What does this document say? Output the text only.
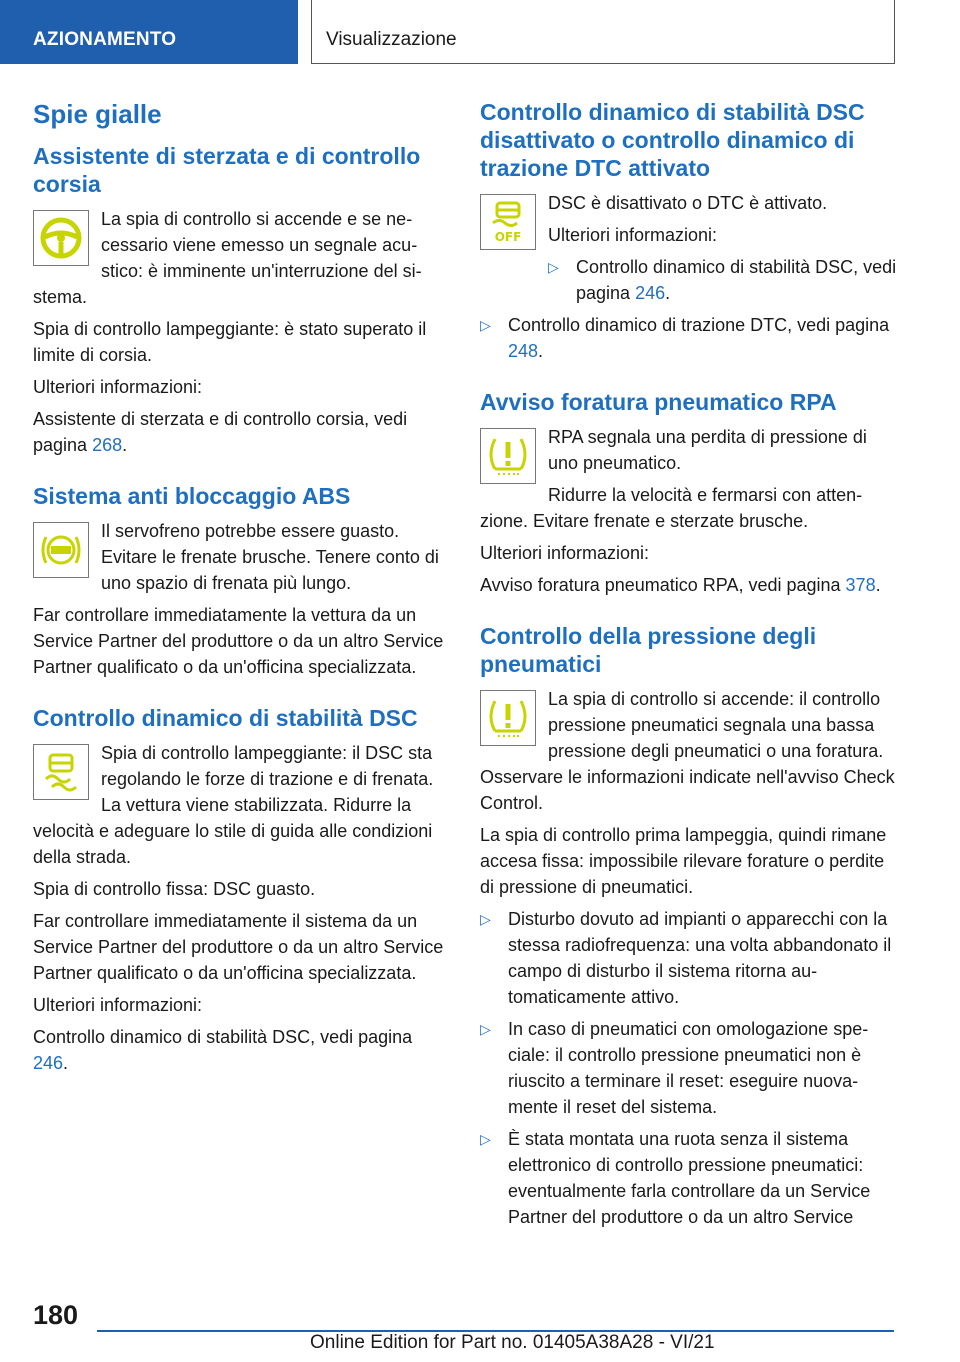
AZIONAMENTO	Visualizzazione
Spie gialle
Assistente di sterzata e di controllo corsia

La spia di controllo si accende e se necessario viene emesso un segnale acustico: è imminente un'interruzione del sistema.

Spia di controllo lampeggiante: è stato superato il limite di corsia.

Ulteriori informazioni:

Assistente di sterzata e di controllo corsia, vedi pagina 268.

Sistema anti bloccaggio ABS

Il servofreno potrebbe essere guasto. Evitare le frenate brusche. Tenere conto di uno spazio di frenata più lungo.

Far controllare immediatamente la vettura da un Service Partner del produttore o da un altro Service Partner qualificato o da un'officina specializzata.

Controllo dinamico di stabilità DSC

Spia di controllo lampeggiante: il DSC sta regolando le forze di trazione e di frenata. La vettura viene stabilizzata. Ridurre la velocità e adeguare lo stile di guida alle condizioni della strada.

Spia di controllo fissa: DSC guasto.

Far controllare immediatamente il sistema da un Service Partner del produttore o da un altro Service Partner qualificato o da un'officina specializzata.

Ulteriori informazioni:

Controllo dinamico di stabilità DSC, vedi pagina 246.

Controllo dinamico di stabilità DSC disattivato o controllo dinamico di trazione DTC attivato
OFF

DSC è disattivato o DTC è attivato.

Ulteriori informazioni:

▷ Controllo dinamico di stabilità DSC, vedi pagina 246.
▷ Controllo dinamico di trazione DTC, vedi pagina 248.
Avviso foratura pneumatico RPA

RPA segnala una perdita di pressione di uno pneumatico.

Ridurre la velocità e fermarsi con attenzione. Evitare frenate e sterzate brusche.

Ulteriori informazioni:

Avviso foratura pneumatico RPA, vedi pagina 378.

Controllo della pressione degli pneumatici

La spia di controllo si accende: il controllo pressione pneumatici segnala una bassa pressione degli pneumatici o una foratura. Osservare le informazioni indicate nell'avviso Check Control.

La spia di controllo prima lampeggia, quindi rimane accesa fissa: impossibile rilevare forature o perdite di pressione di pneumatici.

▷ Disturbo dovuto ad impianti o apparecchi con la stessa radiofrequenza: una volta abbandonato il campo di disturbo il sistema ritorna automaticamente attivo.
▷ In caso di pneumatici con omologazione speciale: il controllo pressione pneumatici non è riuscito a terminare il reset: eseguire nuovamente il reset del sistema.
▷ È stata montata una ruota senza il sistema elettronico di controllo pressione pneumatici: eventualmente farla controllare da un Service Partner del produttore o da un altro Service
180
Online Edition for Part no. 01405A38A28 - VI/21
